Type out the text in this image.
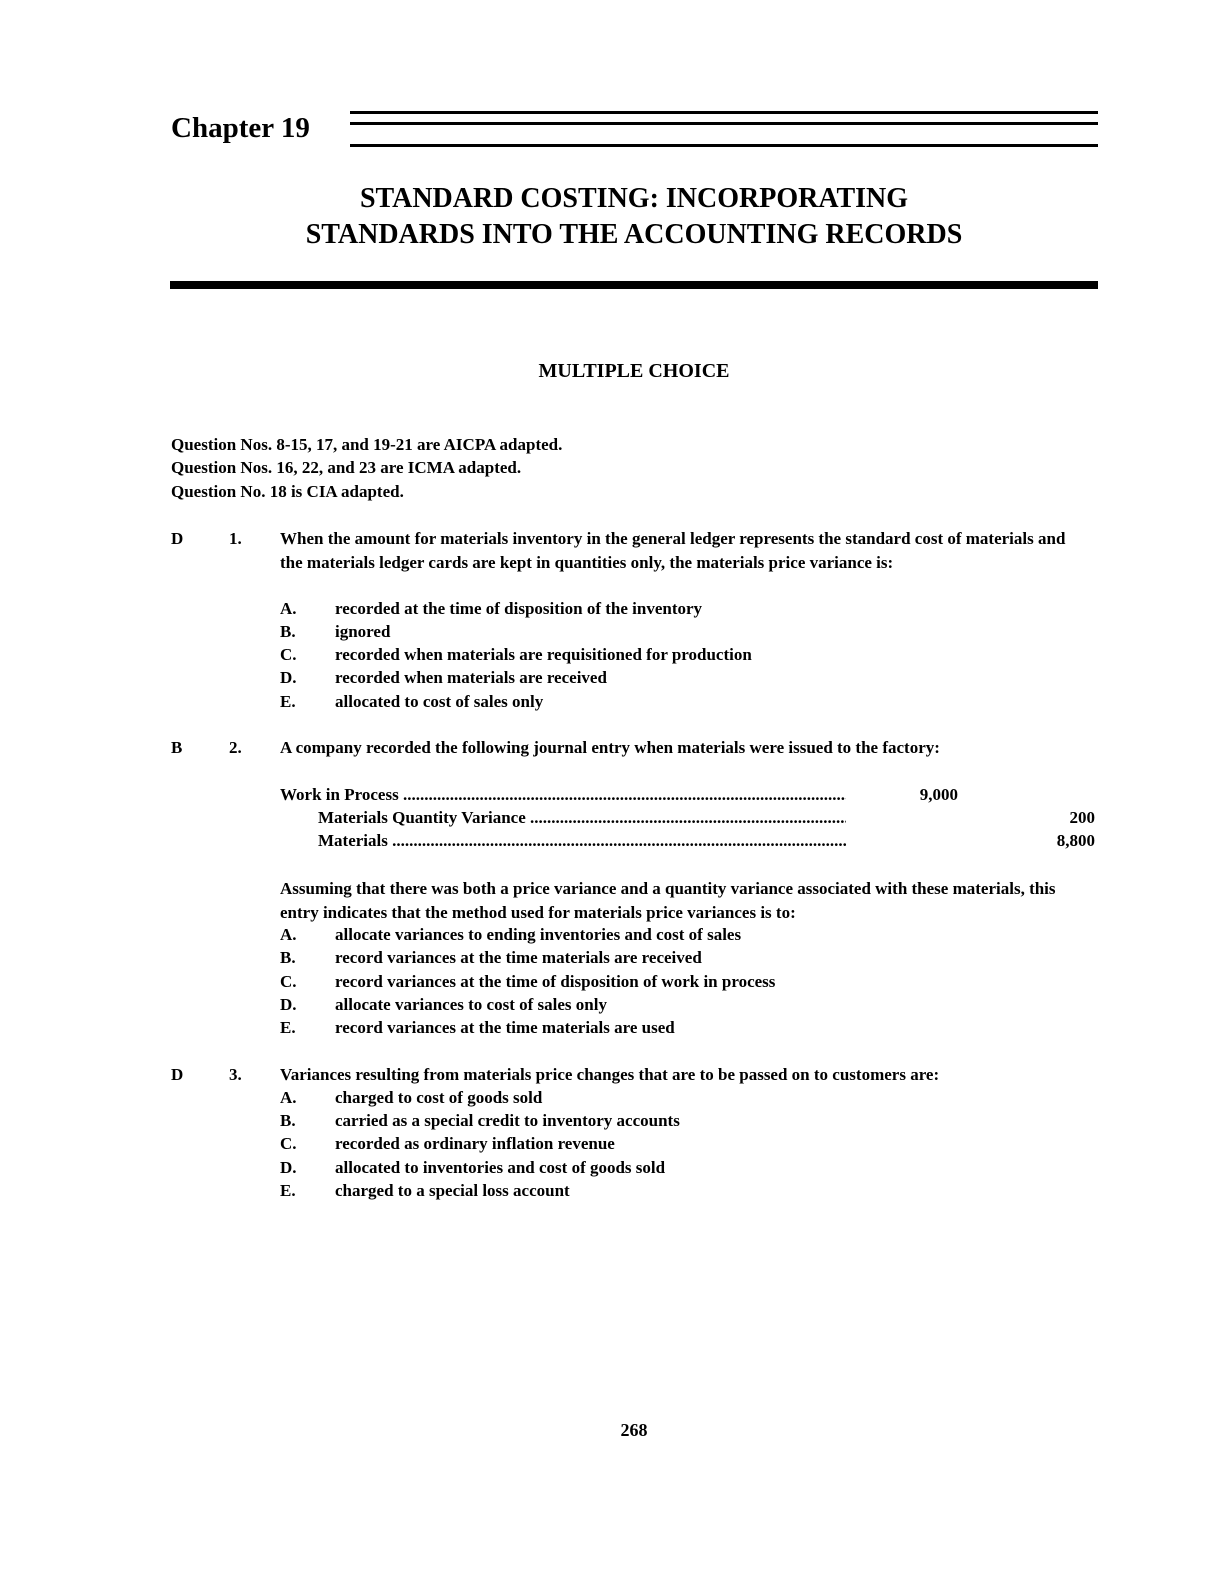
Chapter 19
STANDARD COSTING: INCORPORATING
STANDARDS INTO THE ACCOUNTING RECORDS
MULTIPLE CHOICE
Question Nos. 8-15, 17, and 19-21 are AICPA adapted.
Question Nos. 16, 22, and 23 are ICMA adapted.
Question No. 18 is CIA adapted.
D	1. When the amount for materials inventory in the general ledger represents the standard cost of materials and the materials ledger cards are kept in quantities only, the materials price variance is:
A. recorded at the time of disposition of the inventory
B. ignored
C. recorded when materials are requisitioned for production
D. recorded when materials are received
E. allocated to cost of sales only
B	2. A company recorded the following journal entry when materials were issued to the factory:
Work in Process .....	9,000
Materials Quantity Variance .....	200
Materials .....	8,800
Assuming that there was both a price variance and a quantity variance associated with these materials, this entry indicates that the method used for materials price variances is to:
A. allocate variances to ending inventories and cost of sales
B. record variances at the time materials are received
C. record variances at the time of disposition of work in process
D. allocate variances to cost of sales only
E. record variances at the time materials are used
D	3. Variances resulting from materials price changes that are to be passed on to customers are:
A. charged to cost of goods sold
B. carried as a special credit to inventory accounts
C. recorded as ordinary inflation revenue
D. allocated to inventories and cost of goods sold
E. charged to a special loss account
268
